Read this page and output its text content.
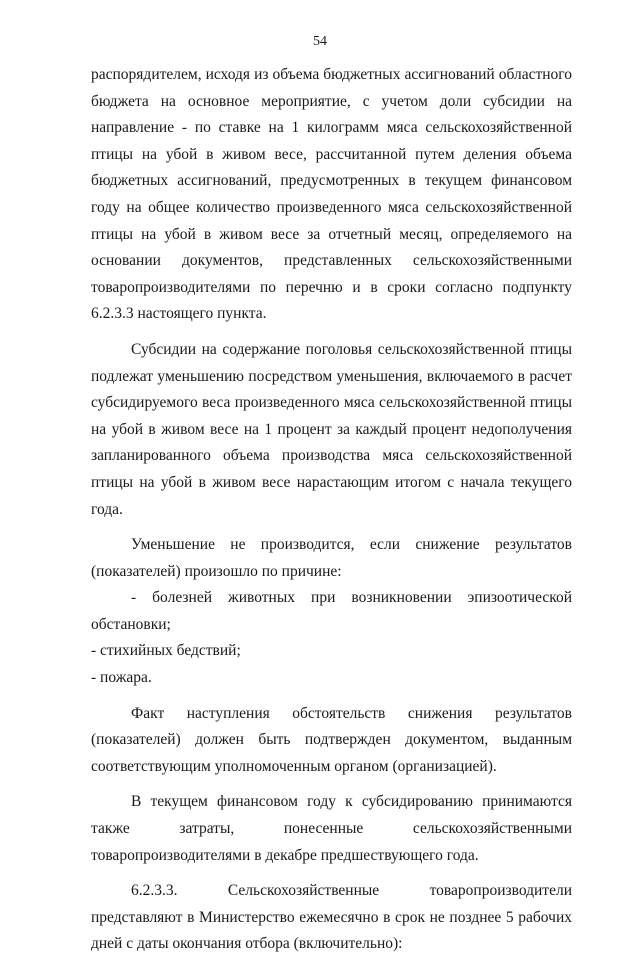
54

распорядителем, исходя из объема бюджетных ассигнований областного бюджета на основное мероприятие, с учетом доли субсидии на направление - по ставке на 1 килограмм мяса сельскохозяйственной птицы на убой в живом весе, рассчитанной путем деления объема бюджетных ассигнований, предусмотренных в текущем финансовом году на общее количество произведенного мяса сельскохозяйственной птицы на убой в живом весе за отчетный месяц, определяемого на основании документов, представленных сельскохозяйственными товаропроизводителями по перечню и в сроки согласно подпункту 6.2.3.3 настоящего пункта.

Субсидии на содержание поголовья сельскохозяйственной птицы подлежат уменьшению посредством уменьшения, включаемого в расчет субсидируемого веса произведенного мяса сельскохозяйственной птицы на убой в живом весе на 1 процент за каждый процент недополучения запланированного объема производства мяса сельскохозяйственной птицы на убой в живом весе нарастающим итогом с начала текущего года.

Уменьшение не производится, если снижение результатов (показателей) произошло по причине:

- болезней животных при возникновении эпизоотической обстановки;

- стихийных бедствий;

- пожара.

Факт наступления обстоятельств снижения результатов (показателей) должен быть подтвержден документом, выданным соответствующим уполномоченным органом (организацией).

В текущем финансовом году к субсидированию принимаются также затраты, понесенные сельскохозяйственными товаропроизводителями в декабре предшествующего года.

6.2.3.3. Сельскохозяйственные товаропроизводители представляют в Министерство ежемесячно в срок не позднее 5 рабочих дней с даты окончания отбора (включительно):
